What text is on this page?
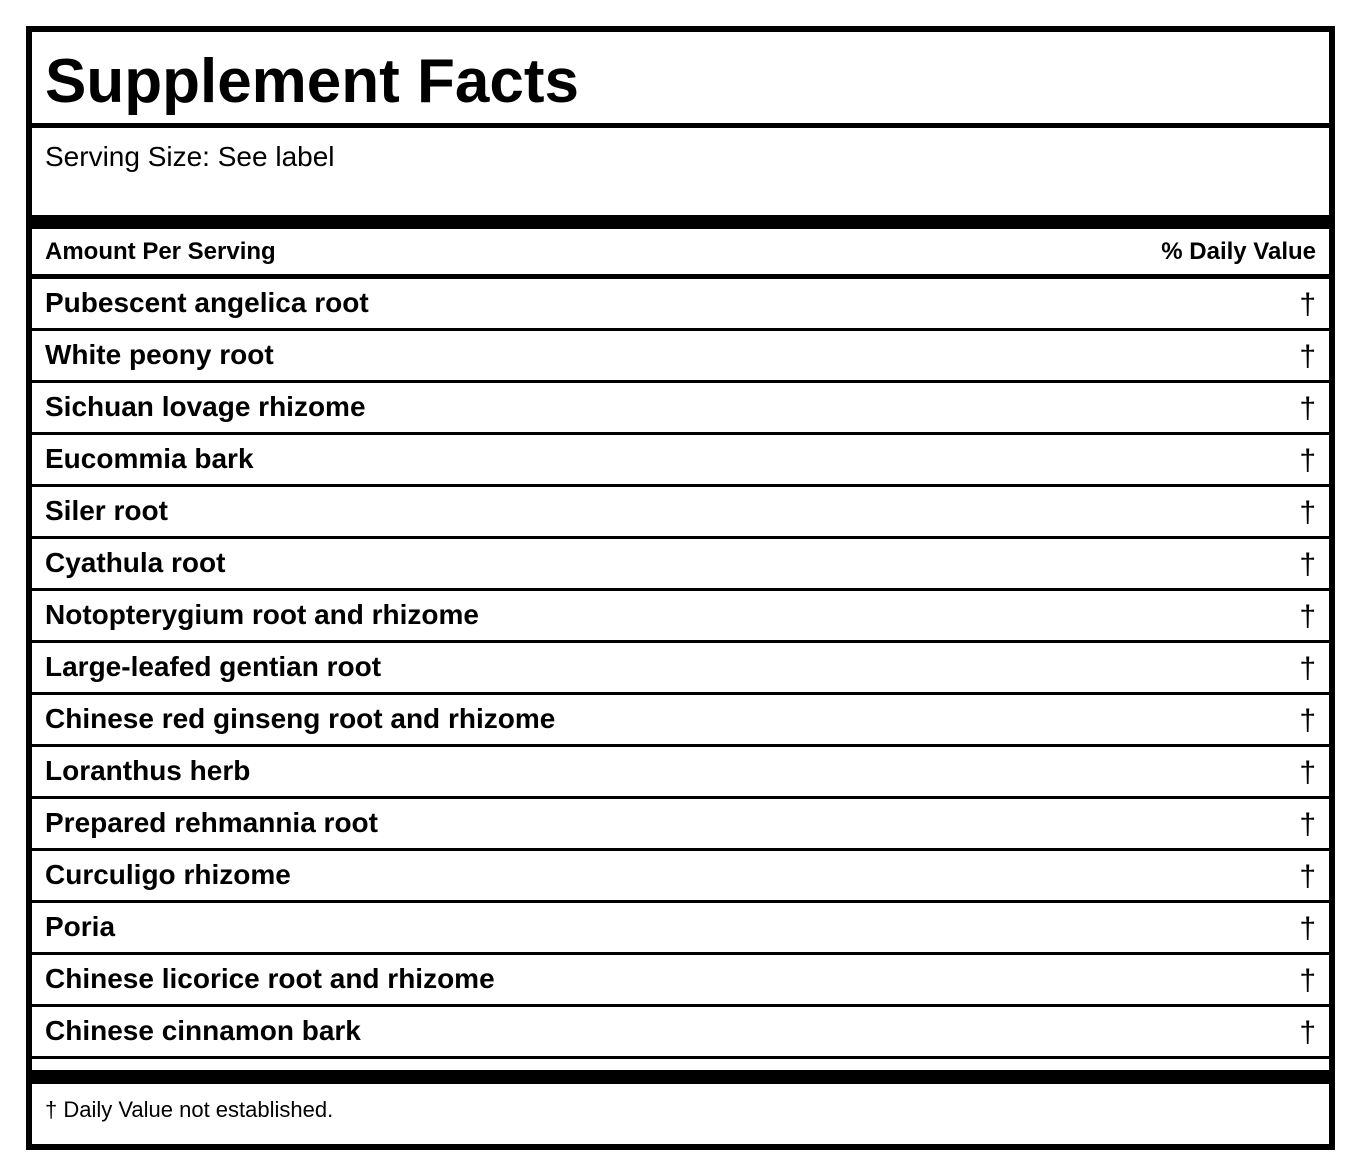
Supplement Facts
Serving Size: See label
Amount Per Serving	% Daily Value
Pubescent angelica root	†
White peony root	†
Sichuan lovage rhizome	†
Eucommia bark	†
Siler root	†
Cyathula root	†
Notopterygium root and rhizome	†
Large-leafed gentian root	†
Chinese red ginseng root and rhizome	†
Loranthus herb	†
Prepared rehmannia root	†
Curculigo rhizome	†
Poria	†
Chinese licorice root and rhizome	†
Chinese cinnamon bark	†
† Daily Value not established.
